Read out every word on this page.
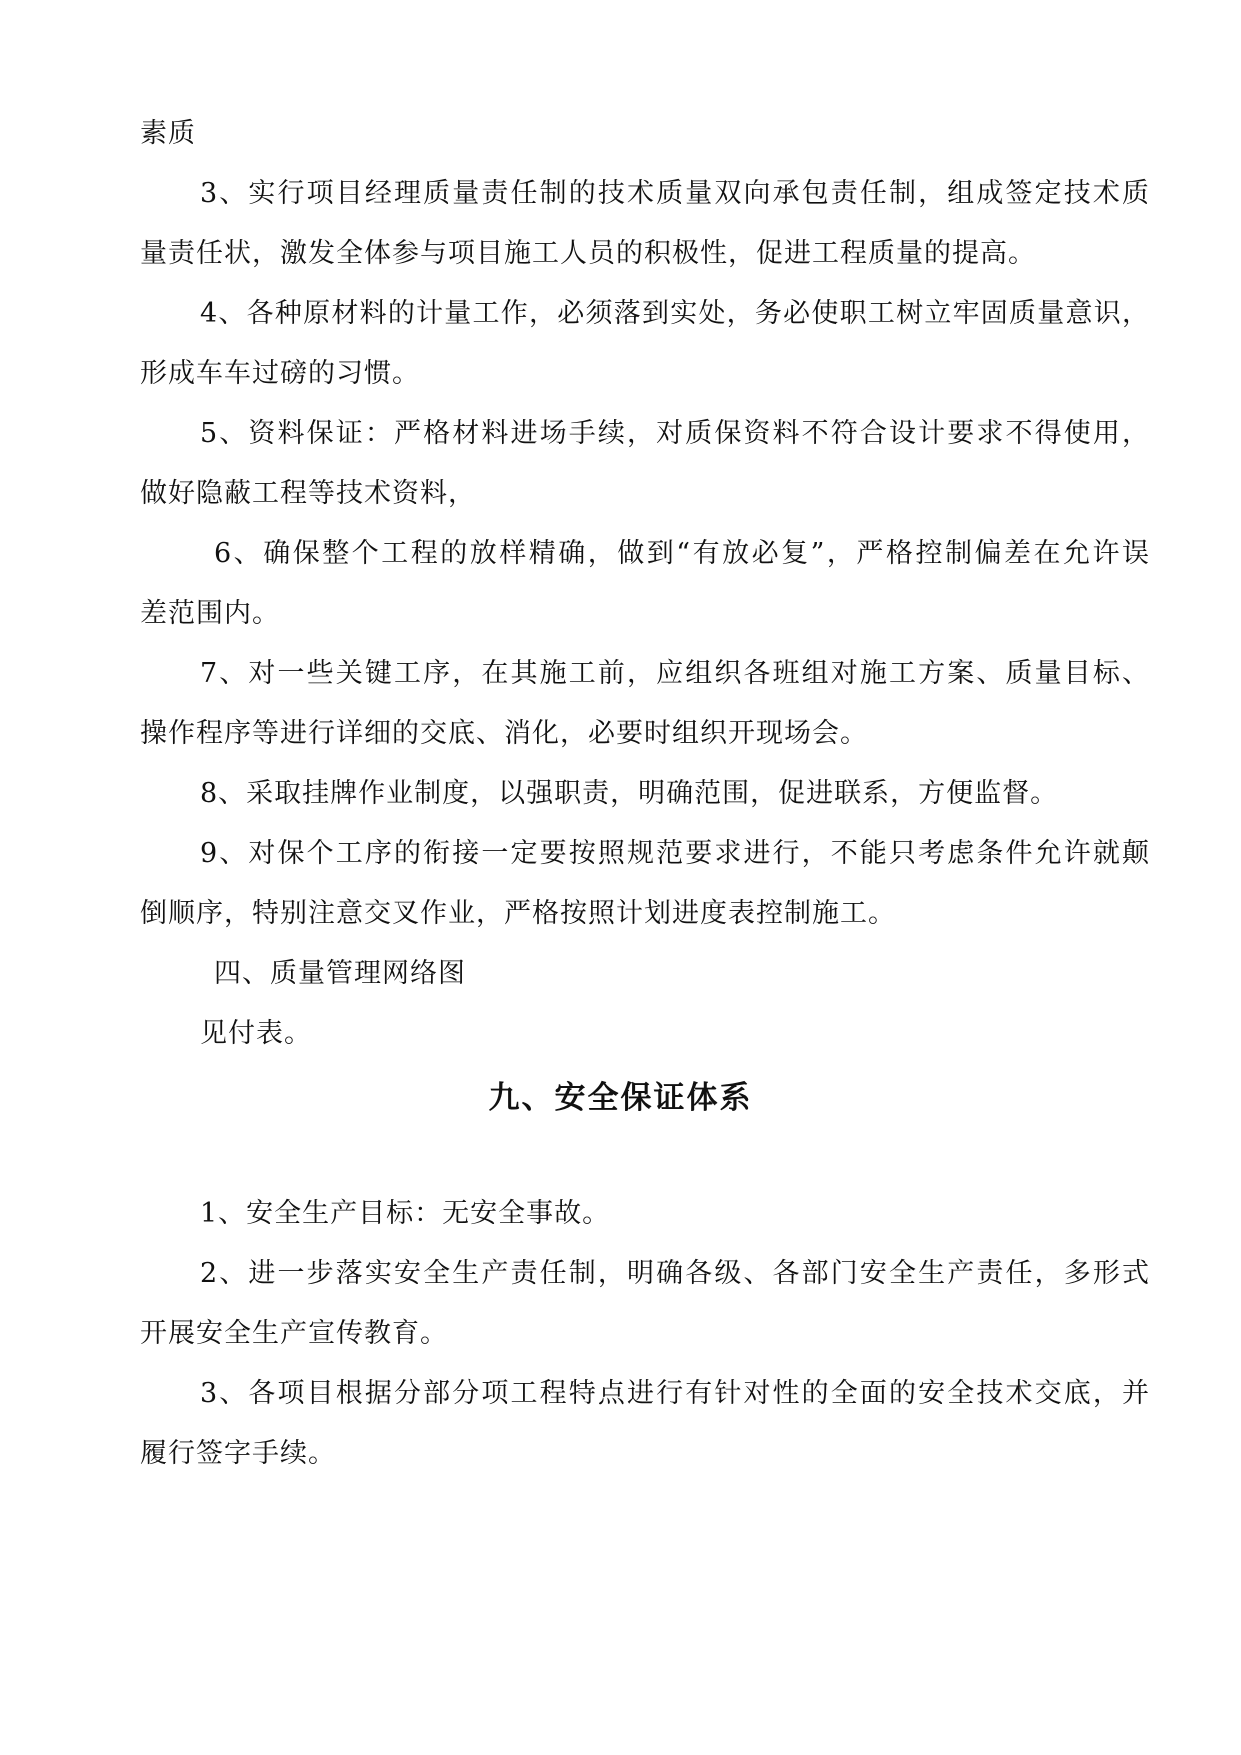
素质
3、实行项目经理质量责任制的技术质量双向承包责任制，组成签定技术质
量责任状，激发全体参与项目施工人员的积极性，促进工程质量的提高。
4、各种原材料的计量工作，必须落到实处，务必使职工树立牢固质量意识，
形成车车过磅的习惯。
5、资料保证：严格材料进场手续，对质保资料不符合设计要求不得使用，
做好隐蔽工程等技术资料，
6、确保整个工程的放样精确，做到“有放必复”，严格控制偏差在允许误
差范围内。
7、对一些关键工序，在其施工前，应组织各班组对施工方案、质量目标、
操作程序等进行详细的交底、消化，必要时组织开现场会。
8、采取挂牌作业制度，以强职责，明确范围，促进联系，方便监督。
9、对保个工序的衔接一定要按照规范要求进行，不能只考虑条件允许就颠
倒顺序，特别注意交叉作业，严格按照计划进度表控制施工。
四、质量管理网络图
见付表。
九、安全保证体系
1、安全生产目标：无安全事故。
2、进一步落实安全生产责任制，明确各级、各部门安全生产责任，多形式
开展安全生产宣传教育。
3、各项目根据分部分项工程特点进行有针对性的全面的安全技术交底，并
履行签字手续。
